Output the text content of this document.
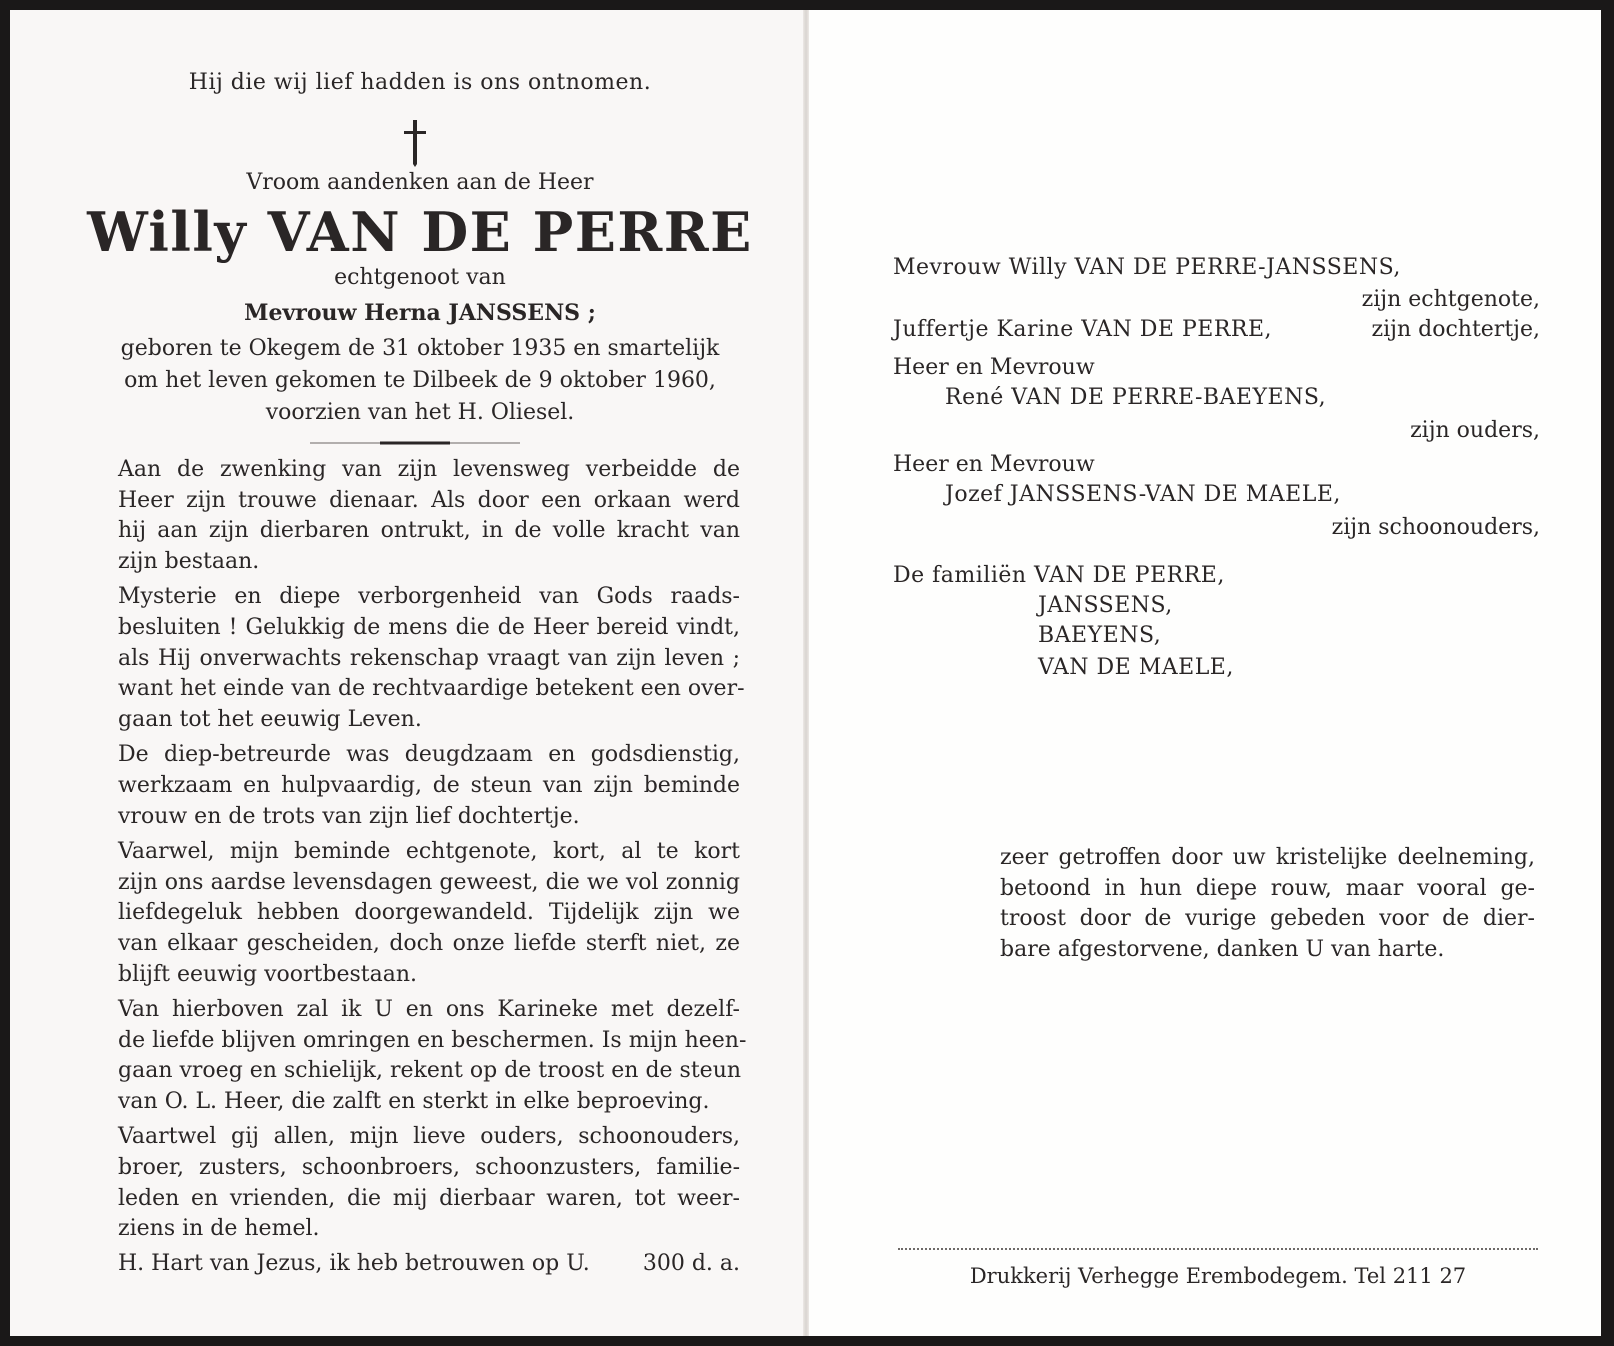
Hij die wij lief hadden is ons ontnomen.
Vroom aandenken aan de Heer
Willy VAN DE PERRE
echtgenoot van
Mevrouw Herna JANSSENS ;
geboren te Okegem de 31 oktober 1935 en smartelijk
om het leven gekomen te Dilbeek de 9 oktober 1960,
voorzien van het H. Oliesel.

Aan de zwenking van zijn levensweg verbeidde de
Heer zijn trouwe dienaar. Als door een orkaan werd
hij aan zijn dierbaren ontrukt, in de volle kracht van
zijn bestaan.

Mysterie en diepe verborgenheid van Gods raads-
besluiten ! Gelukkig de mens die de Heer bereid vindt,
als Hij onverwachts rekenschap vraagt van zijn leven ;
want het einde van de rechtvaardige betekent een over-
gaan tot het eeuwig Leven.

De diep-betreurde was deugdzaam en godsdienstig,
werkzaam en hulpvaardig, de steun van zijn beminde
vrouw en de trots van zijn lief dochtertje.

Vaarwel, mijn beminde echtgenote, kort, al te kort
zijn ons aardse levensdagen geweest, die we vol zonnig
liefdegeluk hebben doorgewandeld. Tijdelijk zijn we
van elkaar gescheiden, doch onze liefde sterft niet, ze
blijft eeuwig voortbestaan.

Van hierboven zal ik U en ons Karineke met dezelf-
de liefde blijven omringen en beschermen. Is mijn heen-
gaan vroeg en schielijk, rekent op de troost en de steun
van O. L. Heer, die zalft en sterkt in elke beproeving.

Vaartwel gij allen, mijn lieve ouders, schoonouders,
broer, zusters, schoonbroers, schoonzusters, familie-
leden en vrienden, die mij dierbaar waren, tot weer-
ziens in de hemel.

H. Hart van Jezus, ik heb betrouwen op U. 300 d. a.
Mevrouw Willy VAN DE PERRE-JANSSENS,
zijn echtgenote,
Juffertje Karine VAN DE PERRE,	zijn dochtertje,
Heer en Mevrouw
René VAN DE PERRE-BAEYENS,
zijn ouders,
Heer en Mevrouw
Jozef JANSSENS-VAN DE MAELE,
zijn schoonouders,
De familiën VAN DE PERRE,
JANSSENS,
BAEYENS,
VAN DE MAELE,
zeer getroffen door uw kristelijke deelneming,
betoond in hun diepe rouw, maar vooral ge-
troost door de vurige gebeden voor de dier-
bare afgestorvene, danken U van harte.
Drukkerij Verhegge Erembodegem. Tel 211 27
